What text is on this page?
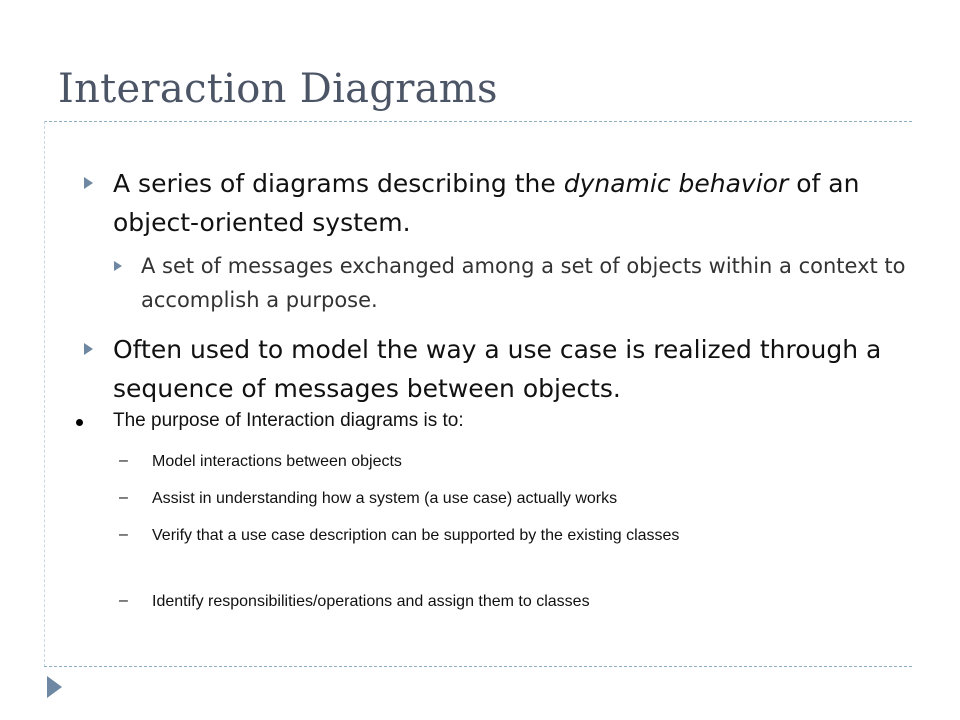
Interaction Diagrams
A series of diagrams describing the dynamic behavior of an object-oriented system.
A set of messages exchanged among a set of objects within a context to accomplish a purpose.
Often used to model the way a use case is realized through a sequence of messages between objects.
The purpose of Interaction diagrams is to:
– Model interactions between objects
– Assist in understanding how a system (a use case) actually works
– Verify that a use case description can be supported by the existing classes
– Identify responsibilities/operations and assign them to classes
